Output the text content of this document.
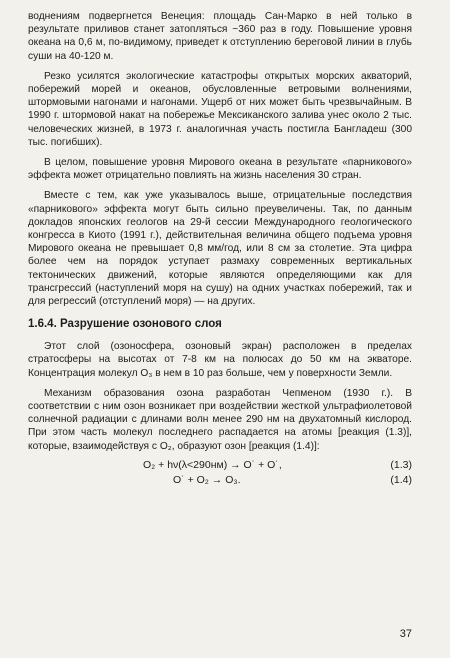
воднениям подвергнется Венеция: площадь Сан-Марко в ней только в результате приливов станет затопляться ~360 раз в году. Повышение уровня океана на 0,6 м, по-видимому, приведет к отступлению береговой линии в глубь суши на 40-120 м.

Резко усилятся экологические катастрофы открытых морских акваторий, побережий морей и океанов, обусловленные ветровыми волнениями, штормовыми нагонами и нагонами. Ущерб от них может быть чрезвычайным. В 1990 г. штормовой накат на побережье Мексиканского залива унес около 2 тыс. человеческих жизней, в 1973 г. аналогичная участь постигла Бангладеш (300 тыс. погибших).

В целом, повышение уровня Мирового океана в результате «парникового» эффекта может отрицательно повлиять на жизнь населения 30 стран.

Вместе с тем, как уже указывалось выше, отрицательные последствия «парникового» эффекта могут быть сильно преувеличены. Так, по данным докладов японских геологов на 29-й сессии Международного геологического конгресса в Киото (1991 г.), действительная величина общего подъема уровня Мирового океана не превышает 0,8 мм/год, или 8 см за столетие. Эта цифра более чем на порядок уступает размаху современных вертикальных тектонических движений, которые являются определяющими как для трансгрессий (наступлений моря на сушу) на одних участках побережий, так и для регрессий (отступлений моря) — на других.

1.6.4. Разрушение озонового слоя

Этот слой (озоносфера, озоновый экран) расположен в пределах стратосферы на высотах от 7-8 км на полюсах до 50 км на экваторе. Концентрация молекул O₃ в нем в 10 раз больше, чем у поверхности Земли.

Механизм образования озона разработан Чепменом (1930 г.). В соответствии с ним озон возникает при воздействии жесткой ультрафиолетовой солнечной радиации с длинами волн менее 290 нм на двухатомный кислород. При этом часть молекул последнего распадается на атомы [реакция (1.3)], которые, взаимодействуя с O₂, образуют озон [реакция (1.4)]:

O₂ + hν(λ<290нм) → O˙ + O˙,	(1.3)
O˙ + O₂ → O₃.	(1.4)
37
